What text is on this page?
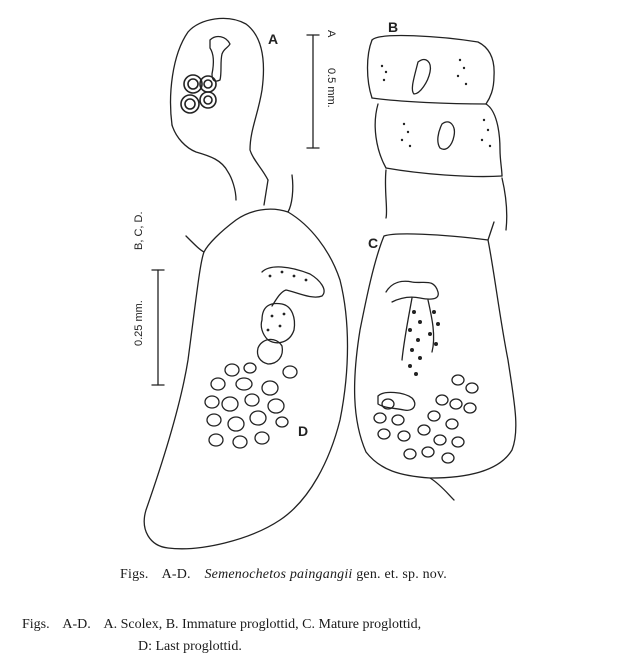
A
B
C
D
A
0.5 mm.
B, C, D.
0.25 mm.
Figs. A-D. Semenochetos paingangii gen. et. sp. nov.
Figs. A-D. A. Scolex, B. Immature proglottid, C. Mature proglottid,
D: Last proglottid.
